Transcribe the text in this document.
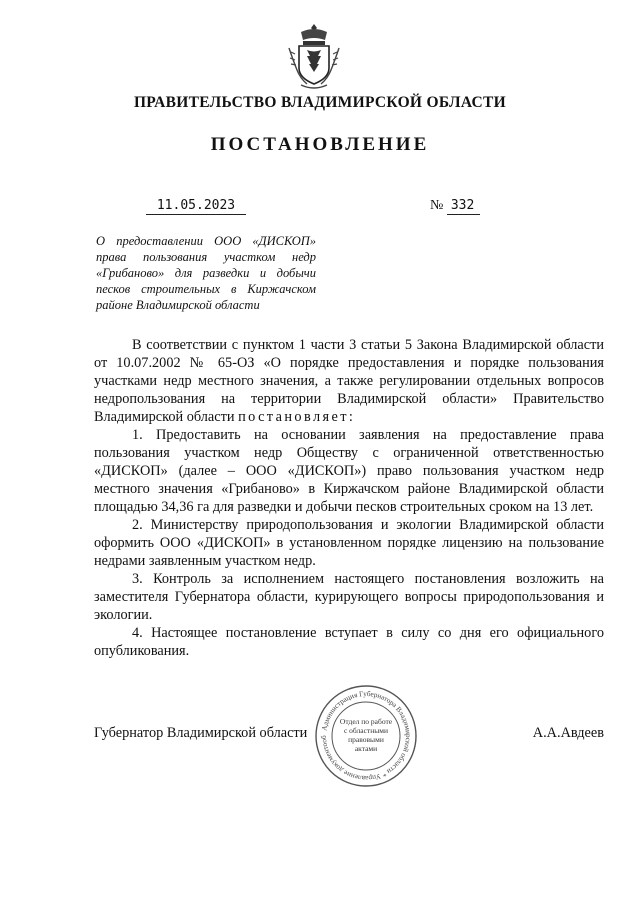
ПРАВИТЕЛЬСТВО ВЛАДИМИРСКОЙ ОБЛАСТИ
ПОСТАНОВЛЕНИЕ
11.05.2023	№ 332
О предоставлении ООО «ДИСКОП» права пользования участком недр «Грибаново» для разведки и добычи песков строительных в Киржачском районе Владимирской области

В соответствии с пунктом 1 части 3 статьи 5 Закона Владимирской области от 10.07.2002 № 65-ОЗ «О порядке предоставления и порядке пользования участками недр местного значения, а также регулировании отдельных вопросов недропользования на территории Владимирской области» Правительство Владимирской области постановляет:

1. Предоставить на основании заявления на предоставление права пользования участком недр Обществу с ограниченной ответственностью «ДИСКОП» (далее – ООО «ДИСКОП») право пользования участком недр местного значения «Грибаново» в Киржачском районе Владимирской области площадью 34,36 га для разведки и добычи песков строительных сроком на 13 лет.

2. Министерству природопользования и экологии Владимирской области оформить ООО «ДИСКОП» в установленном порядке лицензию на пользование недрами заявленным участком недр.

3. Контроль за исполнением настоящего постановления возложить на заместителя Губернатора области, курирующего вопросы природопользования и экологии.

4. Настоящее постановление вступает в силу со дня его официального опубликования.

Губернатор Владимирской области	А.А.Авдеев
Администрация Губернатора Владимирской области * Управление документооб
Отдел по работе с областными правовыми актами
